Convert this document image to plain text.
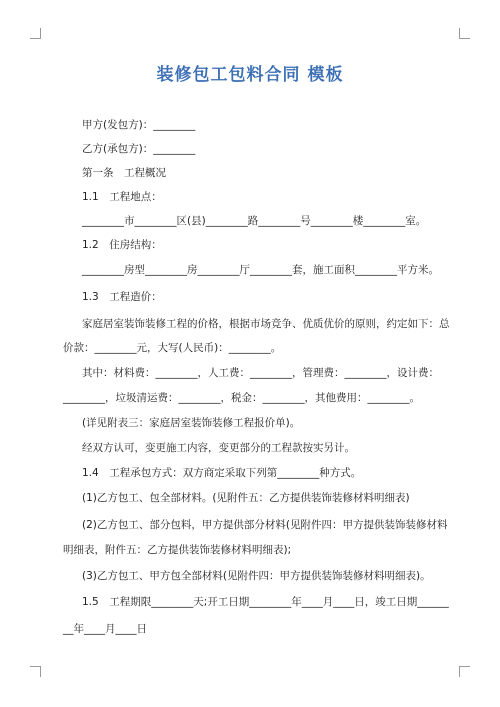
装修包工包料合同 模板
甲方(发包方)：________
乙方(承包方)：________
第一条　工程概况
1.1　工程地点：
________市________区(县)________路________号________楼________室。
1.2　住房结构：
________房型________房________厅________套，施工面积________平方米。
1.3　工程造价：
家庭居室装饰装修工程的价格，根据市场竞争、优质优价的原则，约定如下：总
价款：________元，大写(人民币)：________。
其中：材料费：________，人工费：________，管理费：________，设计费：
________，垃圾清运费：________，税金：________，其他费用：________。
(详见附表三：家庭居室装饰装修工程报价单)。
经双方认可，变更施工内容，变更部分的工程款按实另计。
1.4　工程承包方式：双方商定采取下列第________种方式。
(1)乙方包工、包全部材料。(见附件五：乙方提供装饰装修材料明细表)
(2)乙方包工、部分包料，甲方提供部分材料(见附件四：甲方提供装饰装修材料
明细表，附件五：乙方提供装饰装修材料明细表);
(3)乙方包工、甲方包全部材料(见附件四：甲方提供装饰装修材料明细表)。
1.5　工程期限________天;开工日期________年____月____日，竣工日期______
__年____月____日
